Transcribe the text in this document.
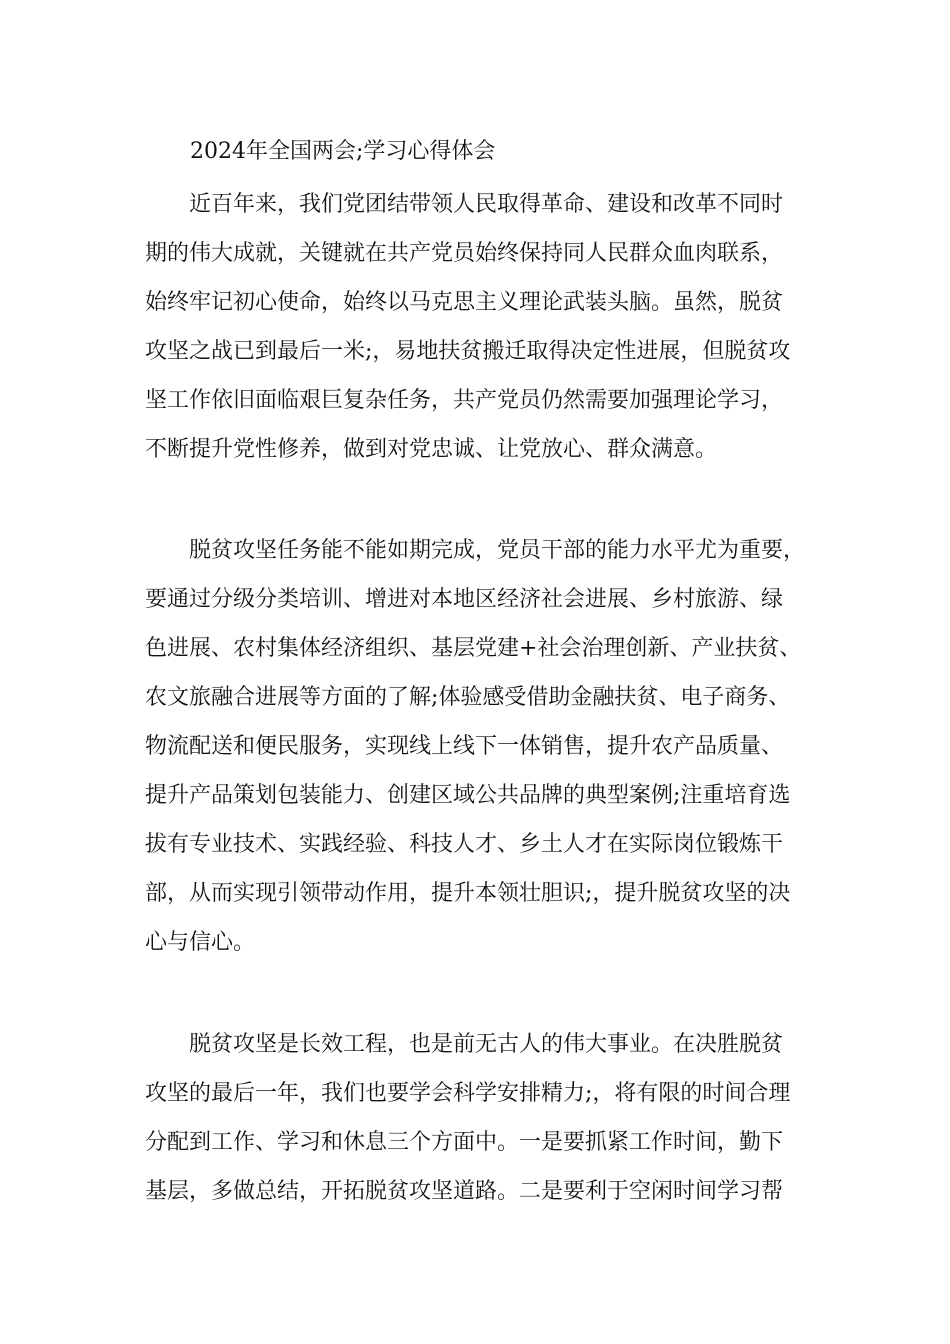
2024年全国两会;学习心得体会
近百年来，我们党团结带领人民取得革命、建设和改革不同时
期的伟大成就，关键就在共产党员始终保持同人民群众血肉联系，
始终牢记初心使命，始终以马克思主义理论武装头脑。虽然，脱贫
攻坚之战已到最后一米;，易地扶贫搬迁取得决定性进展，但脱贫攻
坚工作依旧面临艰巨复杂任务，共产党员仍然需要加强理论学习，
不断提升党性修养，做到对党忠诚、让党放心、群众满意。
脱贫攻坚任务能不能如期完成，党员干部的能力水平尤为重要，
要通过分级分类培训、增进对本地区经济社会进展、乡村旅游、绿
色进展、农村集体经济组织、基层党建+社会治理创新、产业扶贫、
农文旅融合进展等方面的了解;体验感受借助金融扶贫、电子商务、
物流配送和便民服务，实现线上线下一体销售，提升农产品质量、
提升产品策划包装能力、创建区域公共品牌的典型案例;注重培育选
拔有专业技术、实践经验、科技人才、乡土人才在实际岗位锻炼干
部，从而实现引领带动作用，提升本领壮胆识;，提升脱贫攻坚的决
心与信心。
脱贫攻坚是长效工程，也是前无古人的伟大事业。在决胜脱贫
攻坚的最后一年，我们也要学会科学安排精力;，将有限的时间合理
分配到工作、学习和休息三个方面中。一是要抓紧工作时间，勤下
基层，多做总结，开拓脱贫攻坚道路。二是要利于空闲时间学习帮
